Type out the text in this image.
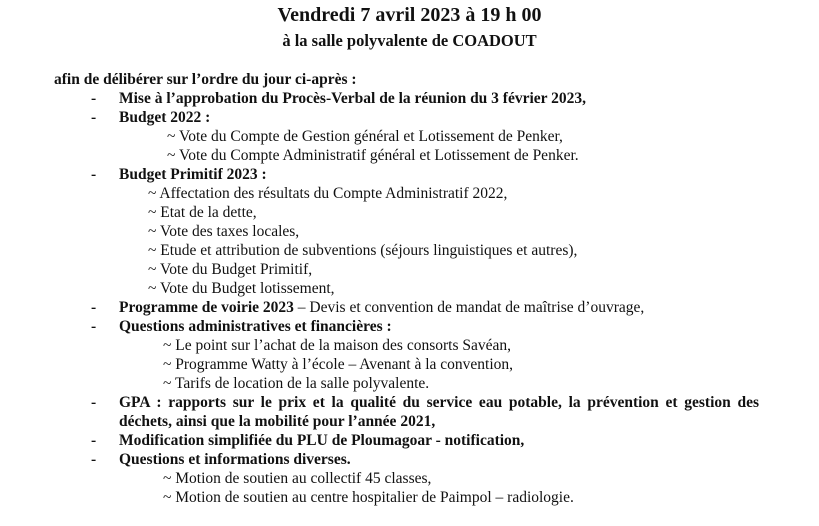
Vendredi 7 avril 2023 à 19 h 00
à la salle polyvalente de COADOUT

afin de délibérer sur l’ordre du jour ci-après :

- Mise à l’approbation du Procès-Verbal de la réunion du 3 février 2023,
- Budget 2022 :
~ Vote du Compte de Gestion général et Lotissement de Penker,
~ Vote du Compte Administratif général et Lotissement de Penker.
- Budget Primitif 2023 :
~ Affectation des résultats du Compte Administratif 2022,
~ Etat de la dette,
~ Vote des taxes locales,
~ Etude et attribution de subventions (séjours linguistiques et autres),
~ Vote du Budget Primitif,
~ Vote du Budget lotissement,
- Programme de voirie 2023 – Devis et convention de mandat de maîtrise d’ouvrage,
- Questions administratives et financières :
~ Le point sur l’achat de la maison des consorts Savéan,
~ Programme Watty à l’école – Avenant à la convention,
~ Tarifs de location de la salle polyvalente.
- GPA : rapports sur le prix et la qualité du service eau potable, la prévention et gestion des déchets, ainsi que la mobilité pour l’année 2021,
- Modification simplifiée du PLU de Ploumagoar - notification,
- Questions et informations diverses.
~ Motion de soutien au collectif 45 classes,
~ Motion de soutien au centre hospitalier de Paimpol – radiologie.
